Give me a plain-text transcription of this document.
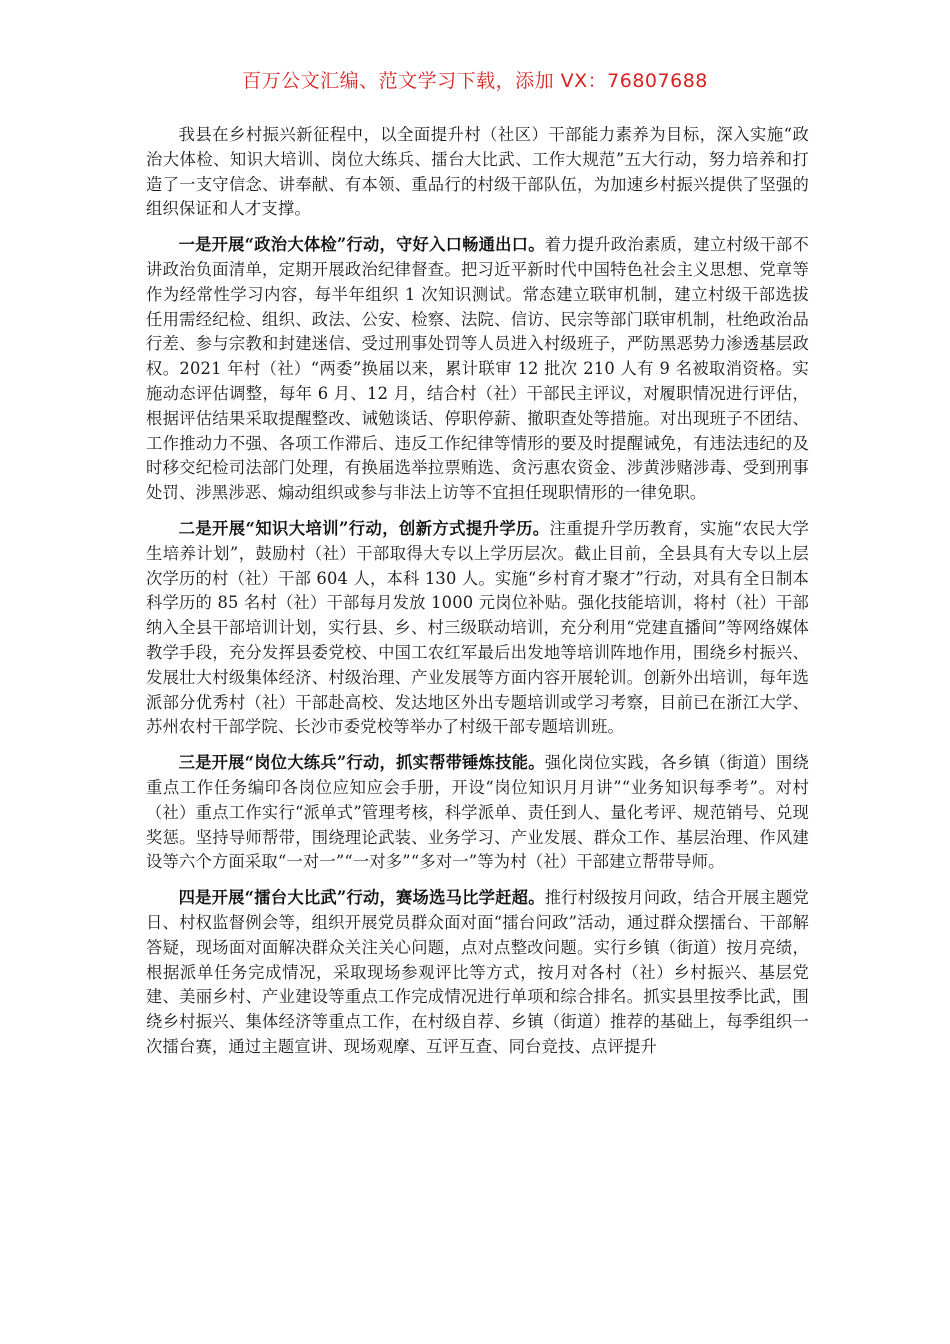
百万公文汇编、范文学习下载，添加 VX：76807688

我县在乡村振兴新征程中，以全面提升村（社区）干部能力素养为目标，深入实施“政治大体检、知识大培训、岗位大练兵、擂台大比武、工作大规范”五大行动，努力培养和打造了一支守信念、讲奉献、有本领、重品行的村级干部队伍，为加速乡村振兴提供了坚强的组织保证和人才支撑。

一是开展“政治大体检”行动，守好入口畅通出口。着力提升政治素质，建立村级干部不讲政治负面清单，定期开展政治纪律督查。把习近平新时代中国特色社会主义思想、党章等作为经常性学习内容，每半年组织 1 次知识测试。常态建立联审机制，建立村级干部选拔任用需经纪检、组织、政法、公安、检察、法院、信访、民宗等部门联审机制，杜绝政治品行差、参与宗教和封建迷信、受过刑事处罚等人员进入村级班子，严防黑恶势力渗透基层政权。2021 年村（社）“两委”换届以来，累计联审 12 批次 210 人有 9 名被取消资格。实施动态评估调整，每年 6 月、12 月，结合村（社）干部民主评议，对履职情况进行评估，根据评估结果采取提醒整改、诫勉谈话、停职停薪、撤职查处等措施。对出现班子不团结、工作推动力不强、各项工作滞后、违反工作纪律等情形的要及时提醒诫免，有违法违纪的及时移交纪检司法部门处理，有换届选举拉票贿选、贪污惠农资金、涉黄涉赌涉毒、受到刑事处罚、涉黑涉恶、煽动组织或参与非法上访等不宜担任现职情形的一律免职。

二是开展“知识大培训”行动，创新方式提升学历。注重提升学历教育，实施“农民大学生培养计划”，鼓励村（社）干部取得大专以上学历层次。截止目前，全县具有大专以上层次学历的村（社）干部 604 人，本科 130 人。实施“乡村育才聚才”行动，对具有全日制本科学历的 85 名村（社）干部每月发放 1000 元岗位补贴。强化技能培训，将村（社）干部纳入全县干部培训计划，实行县、乡、村三级联动培训，充分利用“党建直播间”等网络媒体教学手段，充分发挥县委党校、中国工农红军最后出发地等培训阵地作用，围绕乡村振兴、发展壮大村级集体经济、村级治理、产业发展等方面内容开展轮训。创新外出培训，每年选派部分优秀村（社）干部赴高校、发达地区外出专题培训或学习考察，目前已在浙江大学、苏州农村干部学院、长沙市委党校等举办了村级干部专题培训班。

三是开展“岗位大练兵”行动，抓实帮带锤炼技能。强化岗位实践，各乡镇（街道）围绕重点工作任务编印各岗位应知应会手册，开设“岗位知识月月讲”“业务知识每季考”。对村（社）重点工作实行“派单式”管理考核，科学派单、责任到人、量化考评、规范销号、兑现奖惩。坚持导师帮带，围绕理论武装、业务学习、产业发展、群众工作、基层治理、作风建设等六个方面采取“一对一”“一对多”“多对一”等为村（社）干部建立帮带导师。

四是开展“擂台大比武”行动，赛场选马比学赶超。推行村级按月问政，结合开展主题党日、村权监督例会等，组织开展党员群众面对面“擂台问政”活动，通过群众摆擂台、干部解答疑，现场面对面解决群众关注关心问题，点对点整改问题。实行乡镇（街道）按月亮绩，根据派单任务完成情况，采取现场参观评比等方式，按月对各村（社）乡村振兴、基层党建、美丽乡村、产业建设等重点工作完成情况进行单项和综合排名。抓实县里按季比武，围绕乡村振兴、集体经济等重点工作，在村级自荐、乡镇（街道）推荐的基础上，每季组织一次擂台赛，通过主题宣讲、现场观摩、互评互查、同台竞技、点评提升
